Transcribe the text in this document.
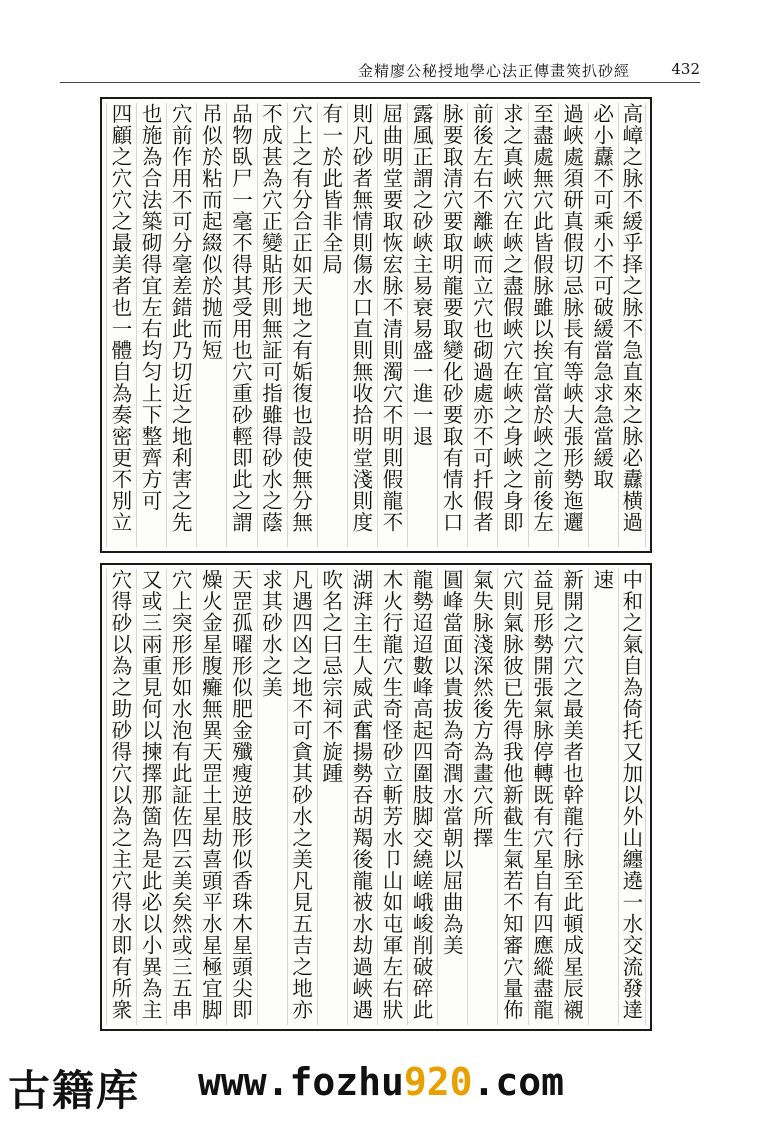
金精廖公秘授地學心法正傳畫筴扒砂經	432
高嶂之脉不緩乎择之脉不急直來之脉必纛横過
必小纛不可乘小不可破緩當急求急當緩取
過峽處須研真假切忌脉長有等峽大張形勢迤邐
至盡處無穴此皆假脉雖以挨宜當於峽之前後左
求之真峽穴在峽之盡假峽穴在峽之身峽之身即
前後左右不離峽而立穴也砌過處亦不可扦假者
脉要取清穴要取明龍要取變化砂要取有情水口
露風正謂之砂峽主易衰易盛一進一退
屈曲明堂要取恢宏脉不清則濁穴不明則假龍不
則凡砂者無情則傷水口直則無收拾明堂淺則度
有一於此皆非全局
穴上之有分合正如天地之有姤復也設使無分無
不成甚為穴正變貼形則無証可指雖得砂水之蔭
品物臥尸一毫不得其受用也穴重砂輕即此之謂
吊似於粘而起綴似於抛而短
穴前作用不可分毫差錯此乃切近之地利害之先
也施為合法築砌得宜左右均匀上下整齊方可
四顧之穴穴之最美者也一體自為奏密更不別立
中和之氣自為倚托又加以外山纏遶一水交流發達
速
新開之穴穴之最美者也幹龍行脉至此頓成星辰襯
益見形勢開張氣脉停轉既有穴星自有四應縱盡龍
穴則氣脉彼已先得我他新截生氣若不知審穴量佈
氣失脉淺深然後方為畫穴所擇
圓峰當面以貴拔為奇潤水當朝以屈曲為美
龍勢迢迢數峰高起四圍肢脚交繞嵯峨峻削破碎此
木火行龍穴生奇怪砂立斬芳水卩山如屯軍左右狀
湖湃主生人威武奮揚勢吞胡羯後龍被水劫過峽遇
吹名之曰忌宗祠不旋踵
凡遇四凶之地不可貪其砂水之美凡見五吉之地亦
求其砂水之美
天罡孤曜形似肥金殲瘦逆肢形似香珠木星頭尖即
燥火金星腹癱無異天罡土星劫喜頭平水星極宜脚
穴上突形形如水泡有此証佐四云美矣然或三五串
又或三兩重見何以揀擇那箇為是此必以小異為主
穴得砂以為之助砂得穴以為之主穴得水即有所衆
古籍库 www.fozhu920.com
